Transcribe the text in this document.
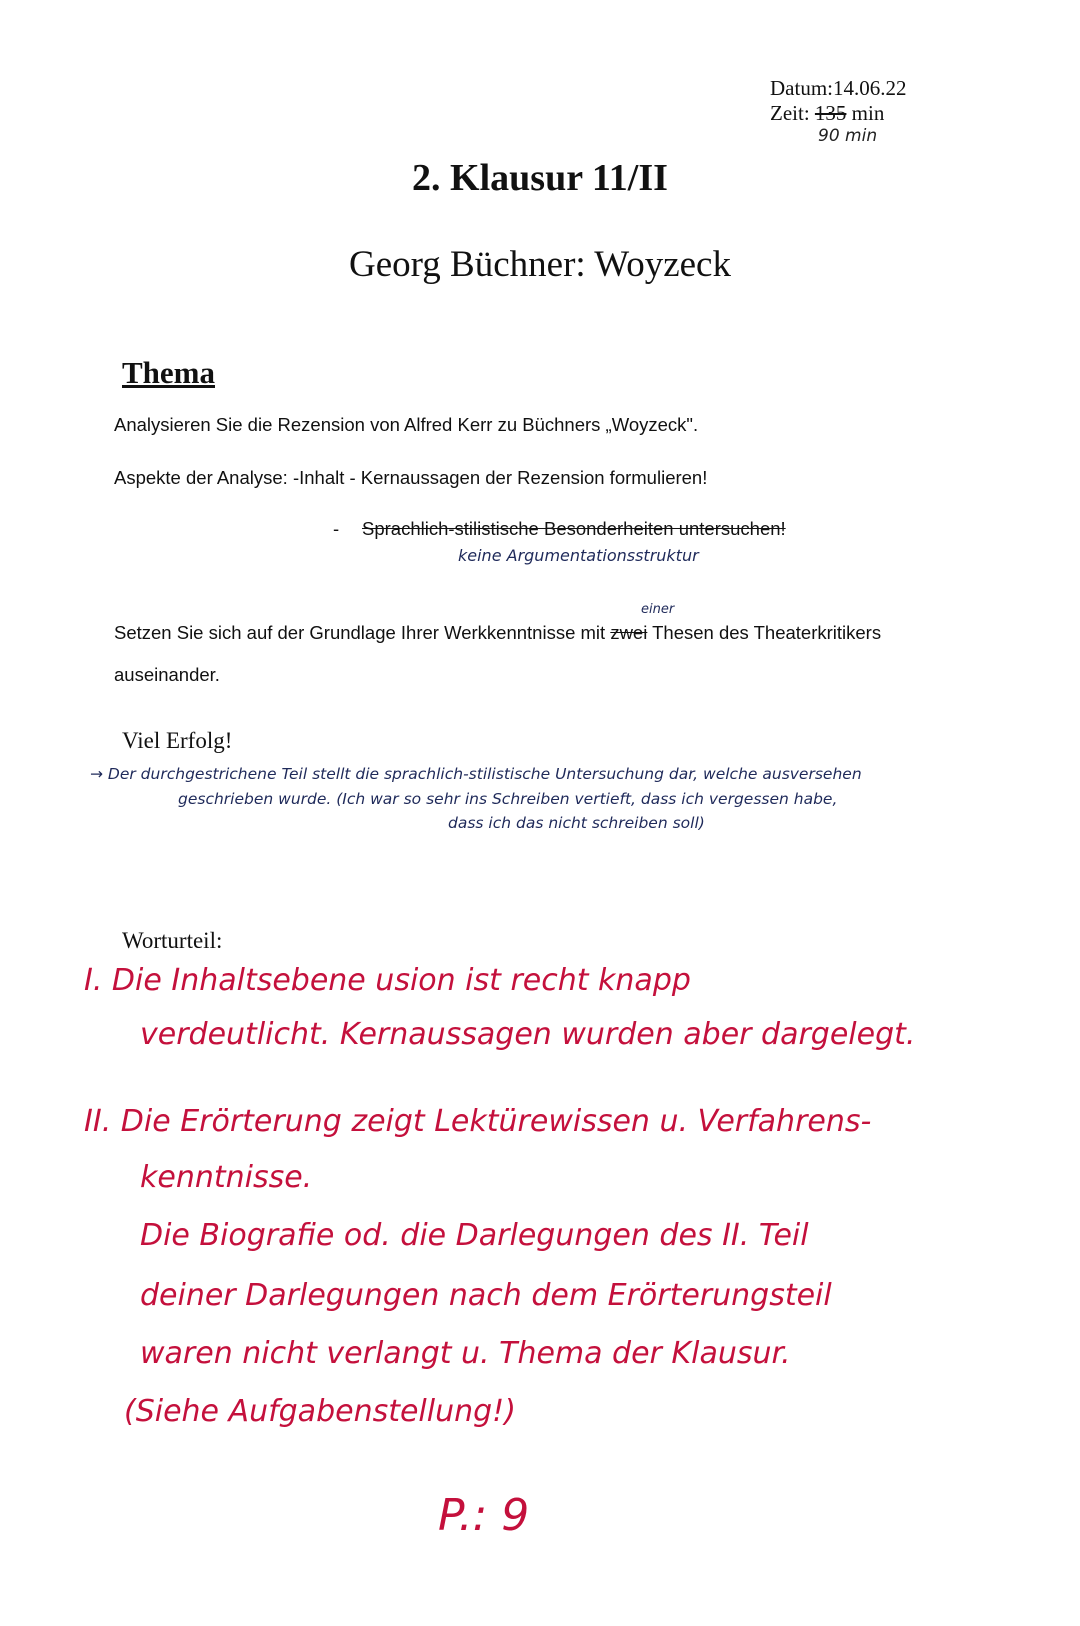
Datum:14.06.22
Zeit: 135 min
90 min
2. Klausur 11/II
Georg Büchner: Woyzeck
Thema
Analysieren Sie die Rezension von Alfred Kerr zu Büchners „Woyzeck".
Aspekte der Analyse: -Inhalt - Kernaussagen der Rezension formulieren!
- Sprachlich-stilistische Besonderheiten untersuchen!
keine Argumentationsstruktur
einer
Setzen Sie sich auf der Grundlage Ihrer Werkkenntnisse mit zwei Thesen des Theaterkritikers
auseinander.
Viel Erfolg!
→ Der durchgestrichene Teil stellt die sprachlich-stilistische Untersuchung dar, welche ausversehen
geschrieben wurde. (Ich war so sehr ins Schreiben vertieft, dass ich vergessen habe,
dass ich das nicht schreiben soll)
Worturteil:
I. Die Inhaltsebene usion ist recht knapp
verdeutlicht. Kernaussagen wurden aber dargelegt.
II. Die Erörterung zeigt Lektürewissen u. Verfahrens-
kenntnisse.
Die Biografie od. die Darlegungen des II. Teil
deiner Darlegungen nach dem Erörterungsteil
waren nicht verlangt u. Thema der Klausur.
(Siehe Aufgabenstellung!)
P.: 9
